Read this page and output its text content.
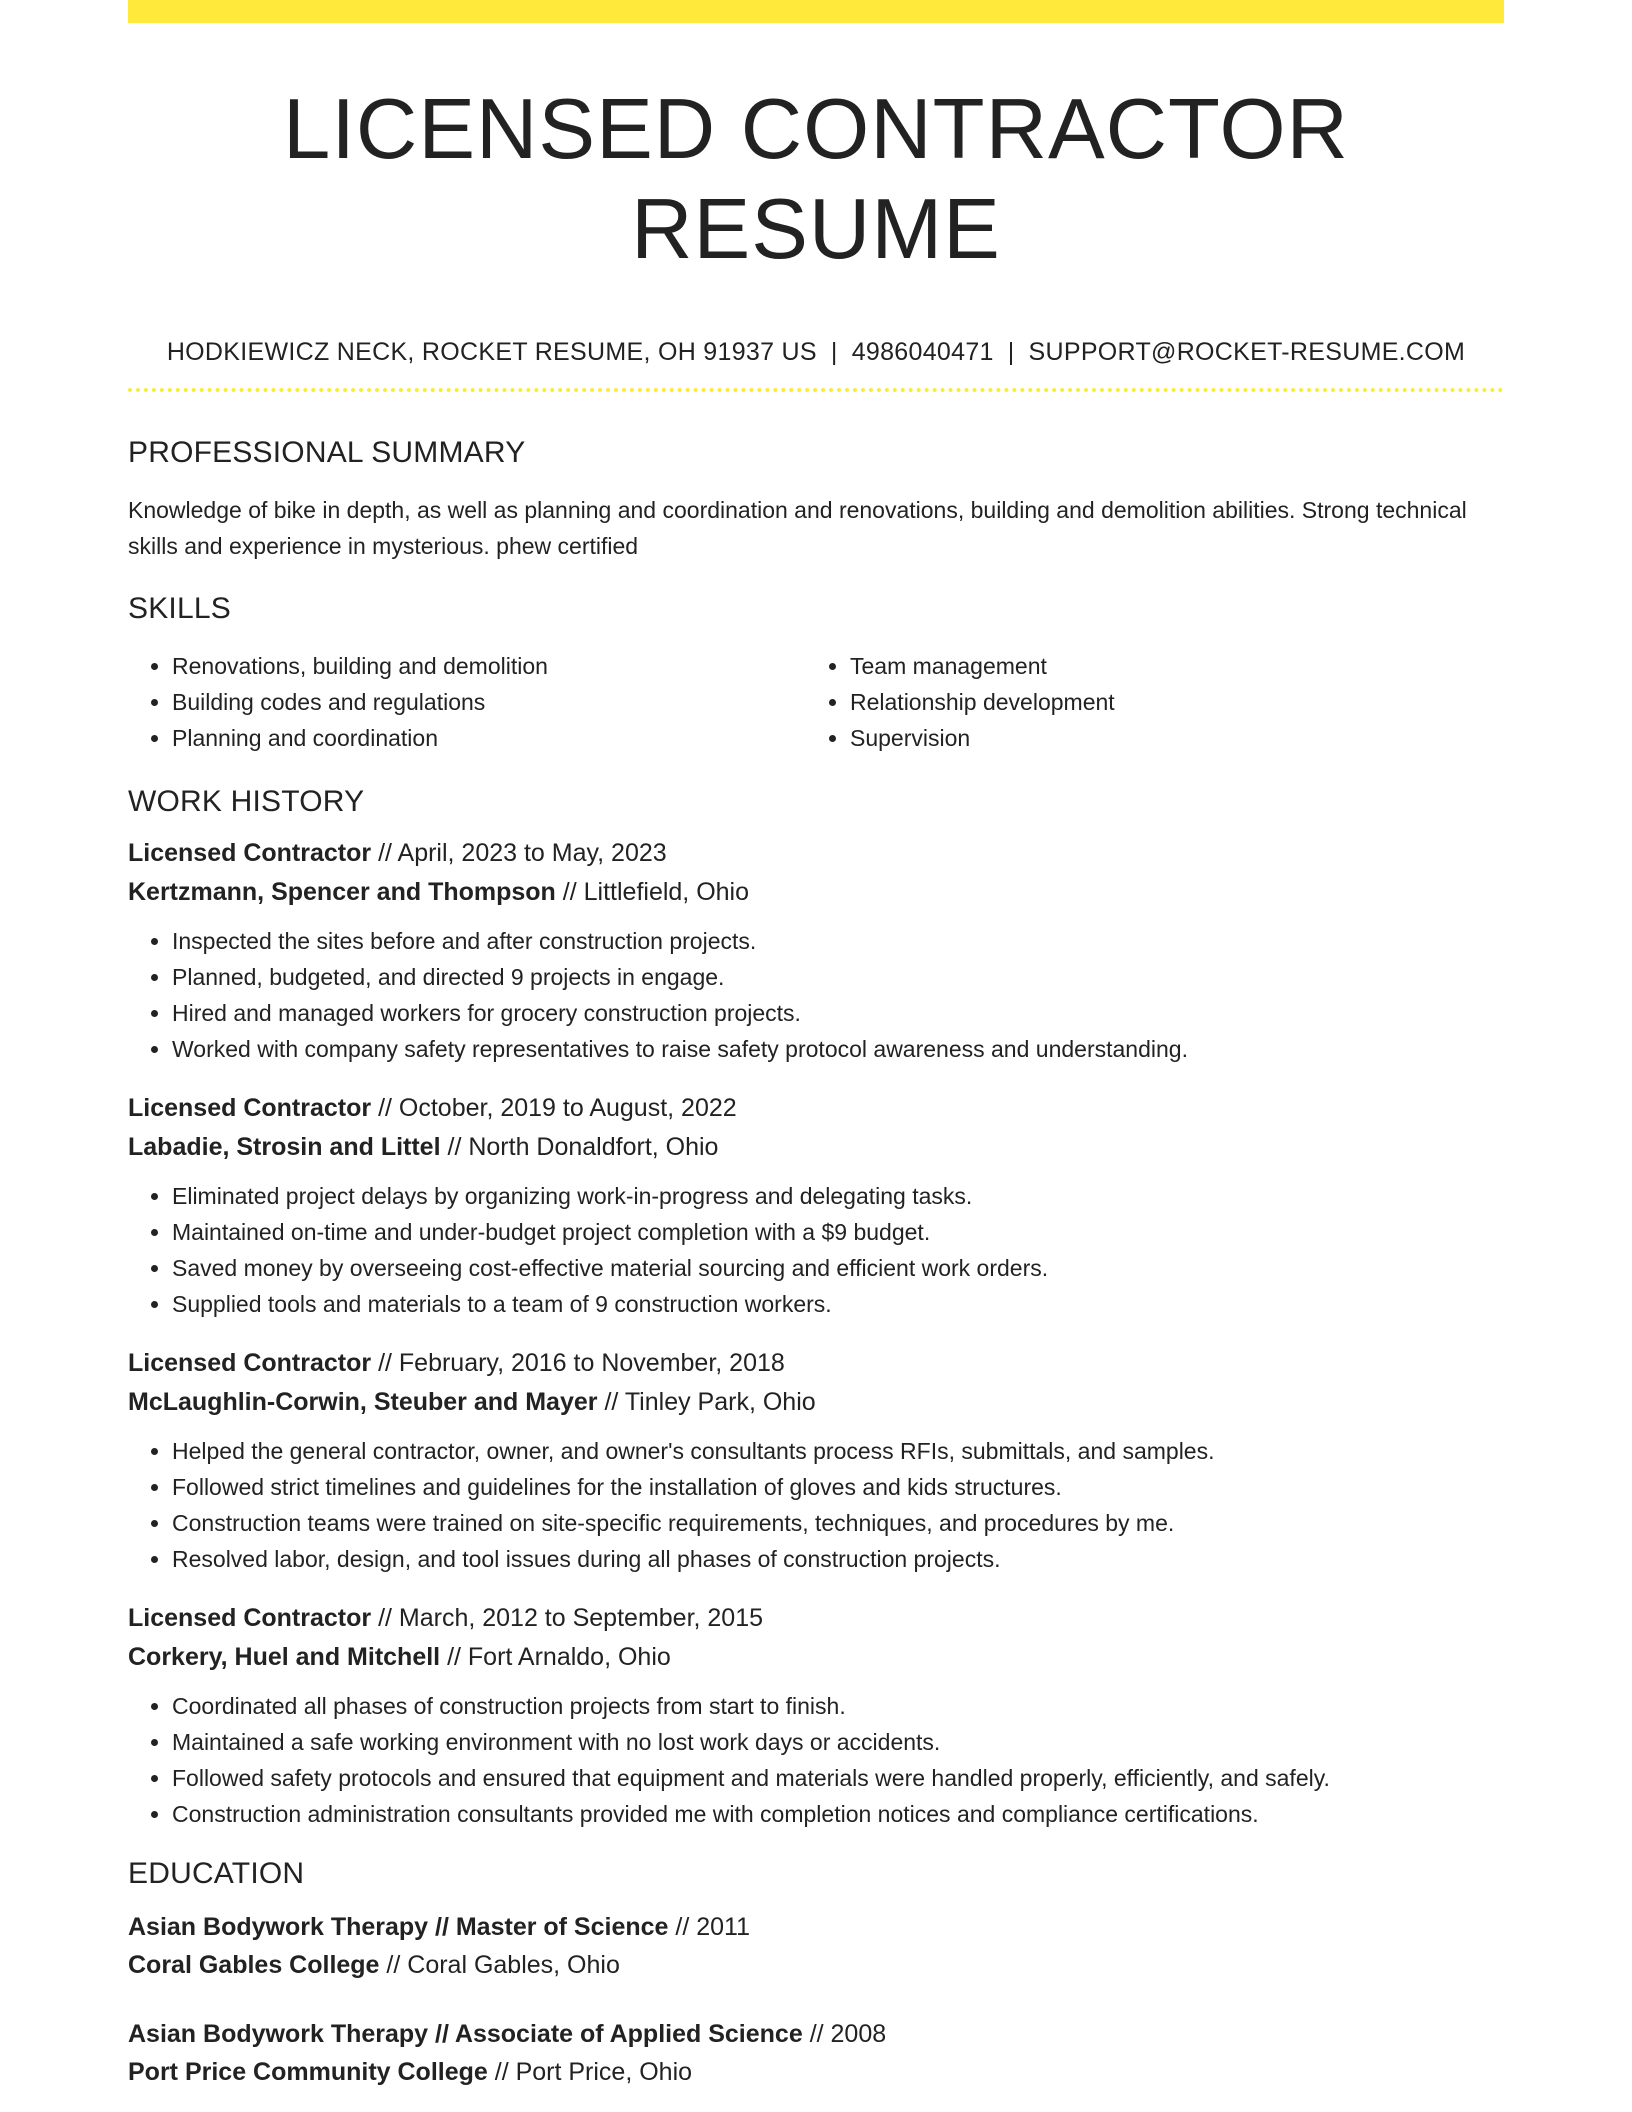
LICENSED CONTRACTOR RESUME
HODKIEWICZ NECK, ROCKET RESUME, OH 91937 US | 4986040471 | SUPPORT@ROCKET-RESUME.COM
PROFESSIONAL SUMMARY
Knowledge of bike in depth, as well as planning and coordination and renovations, building and demolition abilities. Strong technical skills and experience in mysterious. phew certified
SKILLS
• Renovations, building and demolition
• Building codes and regulations
• Planning and coordination
• Team management
• Relationship development
• Supervision
WORK HISTORY
Licensed Contractor // April, 2023 to May, 2023
Kertzmann, Spencer and Thompson // Littlefield, Ohio
• Inspected the sites before and after construction projects.
• Planned, budgeted, and directed 9 projects in engage.
• Hired and managed workers for grocery construction projects.
• Worked with company safety representatives to raise safety protocol awareness and understanding.
Licensed Contractor // October, 2019 to August, 2022
Labadie, Strosin and Littel // North Donaldfort, Ohio
• Eliminated project delays by organizing work-in-progress and delegating tasks.
• Maintained on-time and under-budget project completion with a $9 budget.
• Saved money by overseeing cost-effective material sourcing and efficient work orders.
• Supplied tools and materials to a team of 9 construction workers.
Licensed Contractor // February, 2016 to November, 2018
McLaughlin-Corwin, Steuber and Mayer // Tinley Park, Ohio
• Helped the general contractor, owner, and owner's consultants process RFIs, submittals, and samples.
• Followed strict timelines and guidelines for the installation of gloves and kids structures.
• Construction teams were trained on site-specific requirements, techniques, and procedures by me.
• Resolved labor, design, and tool issues during all phases of construction projects.
Licensed Contractor // March, 2012 to September, 2015
Corkery, Huel and Mitchell // Fort Arnaldo, Ohio
• Coordinated all phases of construction projects from start to finish.
• Maintained a safe working environment with no lost work days or accidents.
• Followed safety protocols and ensured that equipment and materials were handled properly, efficiently, and safely.
• Construction administration consultants provided me with completion notices and compliance certifications.
EDUCATION
Asian Bodywork Therapy // Master of Science // 2011
Coral Gables College // Coral Gables, Ohio
Asian Bodywork Therapy // Associate of Applied Science // 2008
Port Price Community College // Port Price, Ohio
